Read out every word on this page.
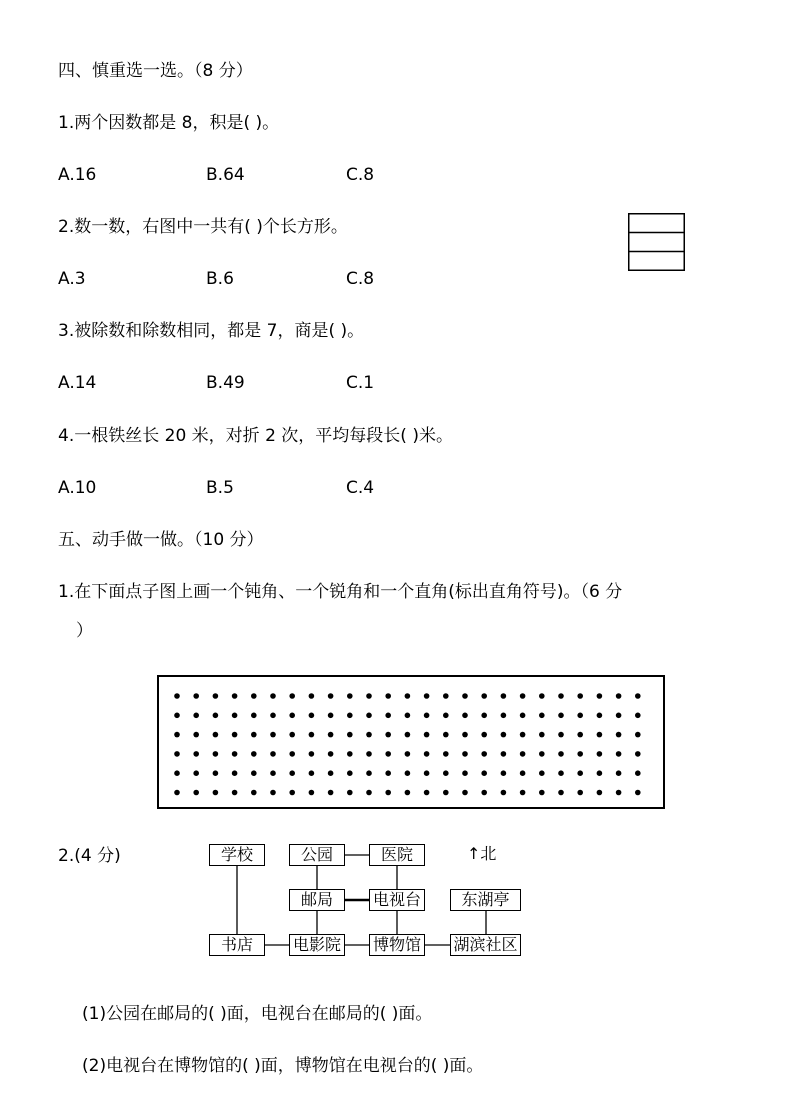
四、慎重选一选。（8 分）
1.两个因数都是 8，积是( )。
A.16	B.64	C.8
2.数一数，右图中一共有( )个长方形。
A.3	B.6	C.8
3.被除数和除数相同，都是 7，商是( )。
A.14	B.49	C.1
4.一根铁丝长 20 米，对折 2 次，平均每段长( )米。
A.10	B.5	C.4
五、动手做一做。（10 分）
1.在下面点子图上画一个钝角、一个锐角和一个直角(标出直角符号)。（6 分
）
2.(4 分)	学校	公园	医院
邮局	电视台	东湖亭
书店	电影院 博物馆 湖滨社区
↑北
(1)公园在邮局的( )面，电视台在邮局的( )面。
(2)电视台在博物馆的( )面，博物馆在电视台的( )面。
